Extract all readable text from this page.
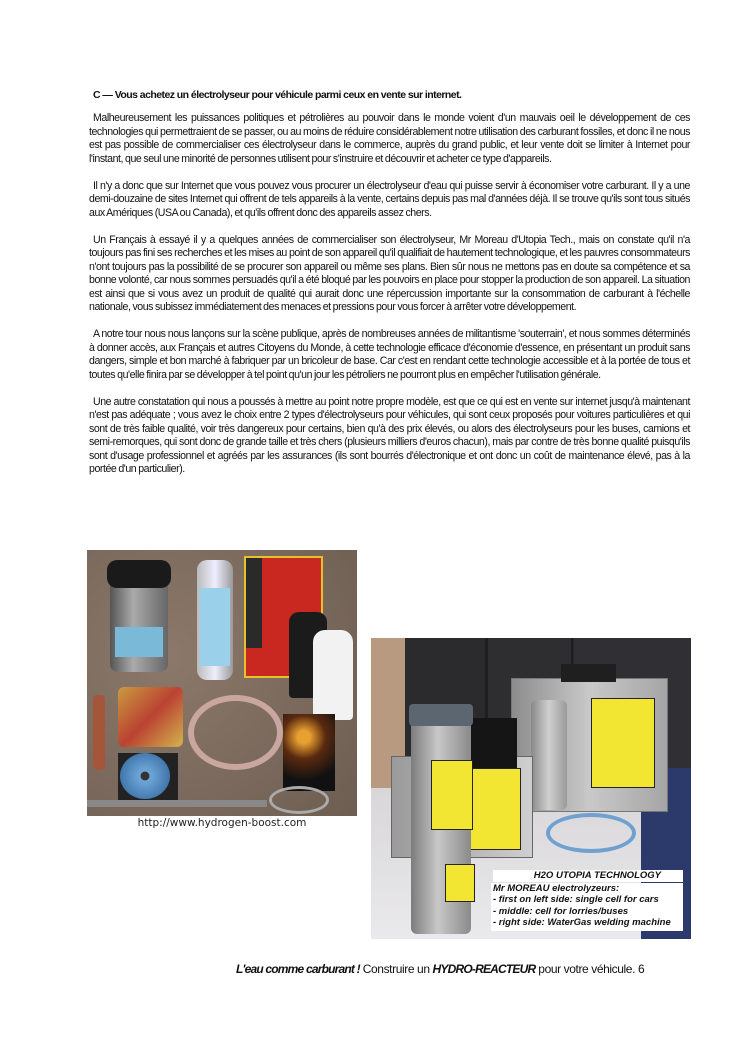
C — Vous achetez un électrolyseur pour véhicule parmi ceux en vente sur internet.

Malheureusement les puissances politiques et pétrolières au pouvoir dans le monde voient d'un mauvais oeil le développement de ces technologies qui permettraient de se passer, ou au moins de réduire considérablement notre utilisation des carburant fossiles, et donc il ne nous est pas possible de commercialiser ces électrolyseur dans le commerce, auprès du grand public, et leur vente doit se limiter à Internet pour l'instant, que seul une minorité de personnes utilisent pour s'instruire et découvrir et acheter ce type d'appareils.

Il n'y a donc que sur Internet que vous pouvez vous procurer un électrolyseur d'eau qui puisse servir à économiser votre carburant. Il y a une demi-douzaine de sites Internet qui offrent de tels appareils à la vente, certains depuis pas mal d'années déjà. Il se trouve qu'ils sont tous situés aux Amériques (USA ou Canada), et qu'ils offrent donc des appareils assez chers.

Un Français à essayé il y a quelques années de commercialiser son électrolyseur, Mr Moreau d'Utopia Tech., mais on constate qu'il n'a toujours pas fini ses recherches et les mises au point de son appareil qu'il qualifiait de hautement technologique, et les pauvres consommateurs n'ont toujours pas la possibilité de se procurer son appareil ou même ses plans. Bien sûr nous ne mettons pas en doute sa compétence et sa bonne volonté, car nous sommes persuadés qu'il a été bloqué par les pouvoirs en place pour stopper la production de son appareil. La situation est ainsi que si vous avez un produit de qualité qui aurait donc une répercussion importante sur la consommation de carburant à l'échelle nationale, vous subissez immédiatement des menaces et pressions pour vous forcer à arrêter votre développement.

A notre tour nous nous lançons sur la scène publique, après de nombreuses années de militantisme 'souterrain', et nous sommes déterminés à donner accès, aux Français et autres Citoyens du Monde, à cette technologie efficace d'économie d'essence, en présentant un produit sans dangers, simple et bon marché à fabriquer par un bricoleur de base. Car c'est en rendant cette technologie accessible et à la portée de tous et toutes qu'elle finira par se développer à tel point qu'un jour les pétroliers ne pourront plus en empêcher l'utilisation générale.

Une autre constatation qui nous a poussés à mettre au point notre propre modèle, est que ce qui est en vente sur internet jusqu'à maintenant n'est pas adéquate ; vous avez le choix entre 2 types d'électrolyseurs pour véhicules, qui sont ceux proposés pour voitures particulières et qui sont de très faible qualité, voir très dangereux pour certains, bien qu'à des prix élevés, ou alors des électrolyseurs pour les buses, camions et semi-remorques, qui sont donc de grande taille et très chers (plusieurs milliers d'euros chacun), mais par contre de très bonne qualité puisqu'ils sont d'usage professionnel et agréés par les assurances (ils sont bourrés d'électronique et ont donc un coût de maintenance élevé, pas à la portée d'un particulier).

http://www.hydrogen-boost.com
H2O UTOPIA TECHNOLOGY
Mr MOREAU electrolyzeurs:
- first on left side: single cell for cars
- middle: cell for lorries/buses
- right side: WaterGas welding machine
L'eau comme carburant ! Construire un HYDRO-REACTEUR pour votre véhicule. 6
